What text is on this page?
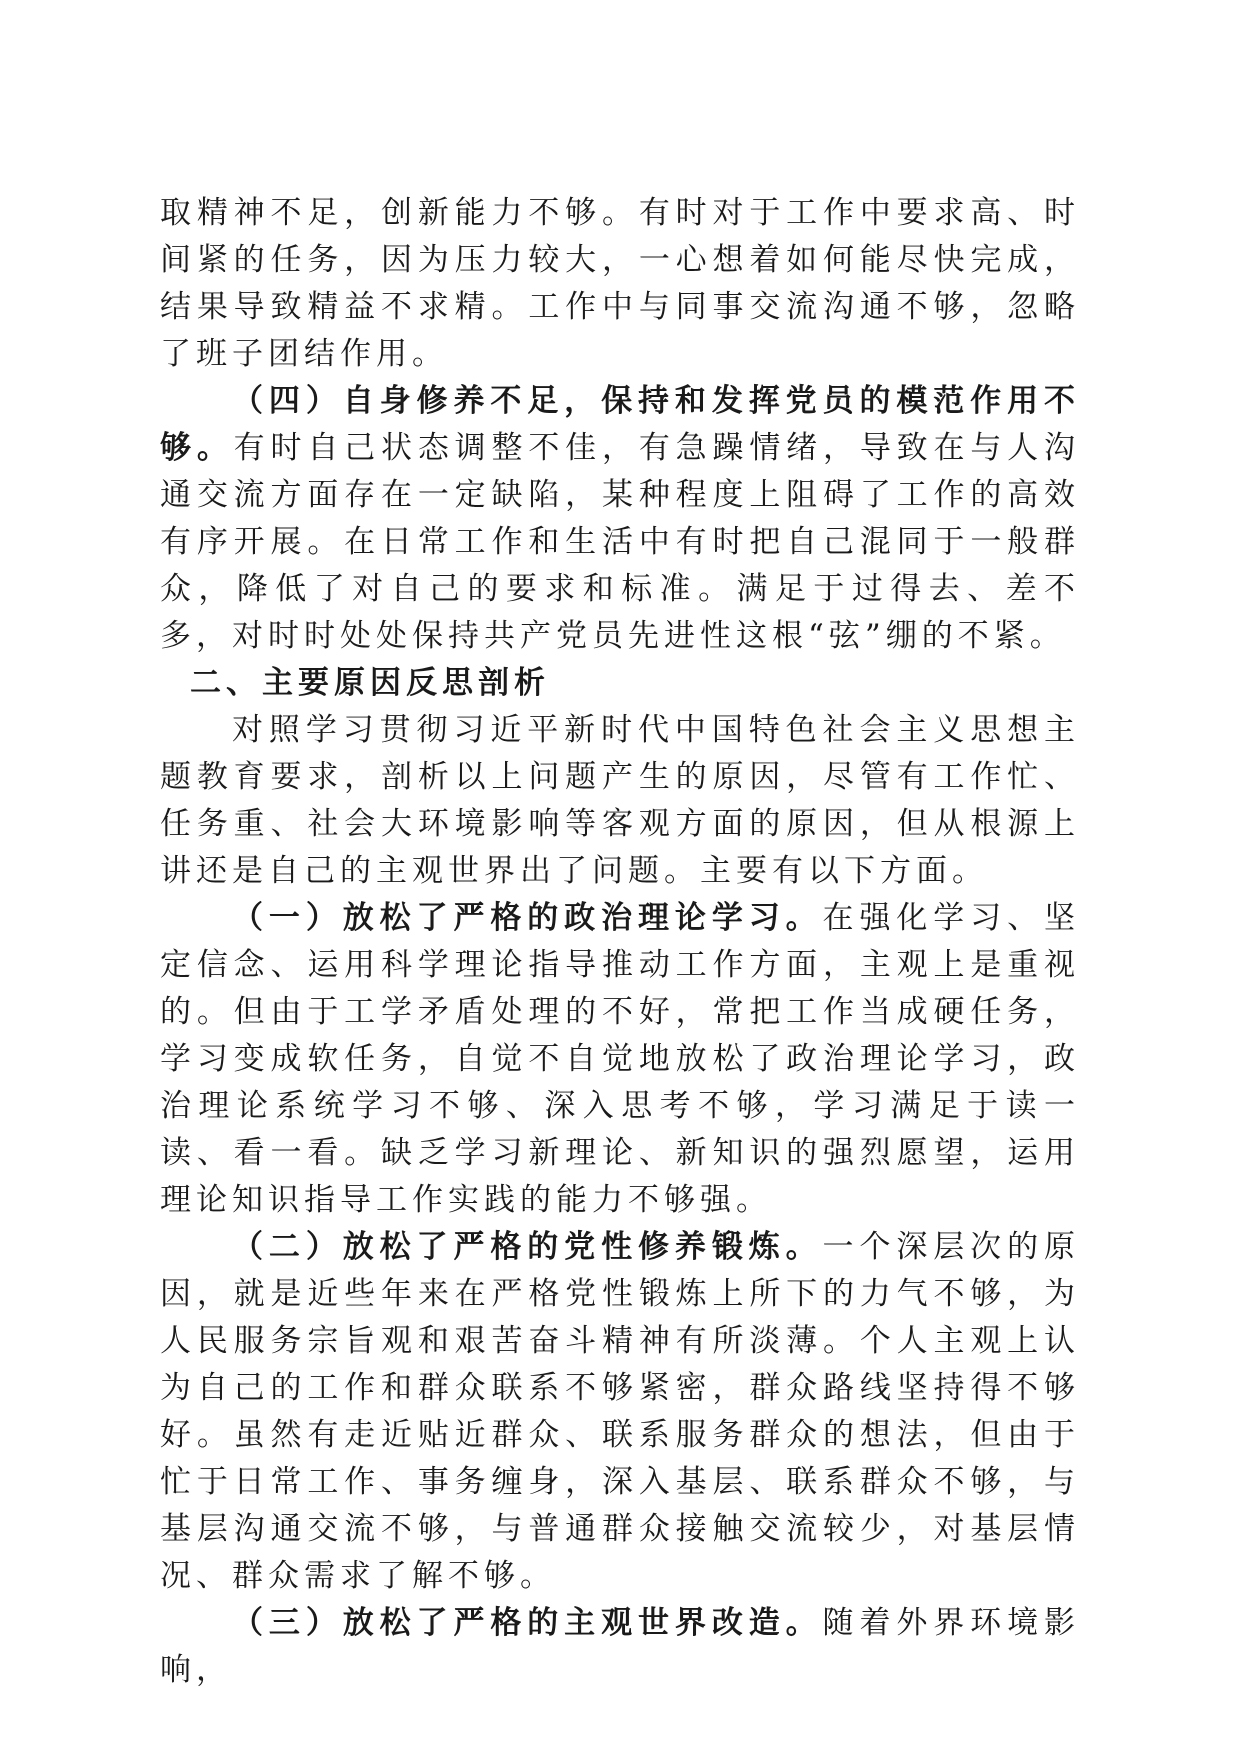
取精神不足，创新能力不够。有时对于工作中要求高、时间紧的任务，因为压力较大，一心想着如何能尽快完成，结果导致精益不求精。工作中与同事交流沟通不够，忽略了班子团结作用。

（四）自身修养不足，保持和发挥党员的模范作用不够。有时自己状态调整不佳，有急躁情绪，导致在与人沟通交流方面存在一定缺陷，某种程度上阻碍了工作的高效有序开展。在日常工作和生活中有时把自己混同于一般群众，降低了对自己的要求和标准。满足于过得去、差不多，对时时处处保持共产党员先进性这根“弦”绷的不紧。

二、主要原因反思剖析

对照学习贯彻习近平新时代中国特色社会主义思想主题教育要求，剖析以上问题产生的原因，尽管有工作忙、任务重、社会大环境影响等客观方面的原因，但从根源上讲还是自己的主观世界出了问题。主要有以下方面。

（一）放松了严格的政治理论学习。在强化学习、坚定信念、运用科学理论指导推动工作方面，主观上是重视的。但由于工学矛盾处理的不好，常把工作当成硬任务，学习变成软任务，自觉不自觉地放松了政治理论学习，政治理论系统学习不够、深入思考不够，学习满足于读一读、看一看。缺乏学习新理论、新知识的强烈愿望，运用理论知识指导工作实践的能力不够强。

（二）放松了严格的党性修养锻炼。一个深层次的原因，就是近些年来在严格党性锻炼上所下的力气不够，为人民服务宗旨观和艰苦奋斗精神有所淡薄。个人主观上认为自己的工作和群众联系不够紧密，群众路线坚持得不够好。虽然有走近贴近群众、联系服务群众的想法，但由于忙于日常工作、事务缠身，深入基层、联系群众不够，与基层沟通交流不够，与普通群众接触交流较少，对基层情况、群众需求了解不够。

（三）放松了严格的主观世界改造。随着外界环境影响，
